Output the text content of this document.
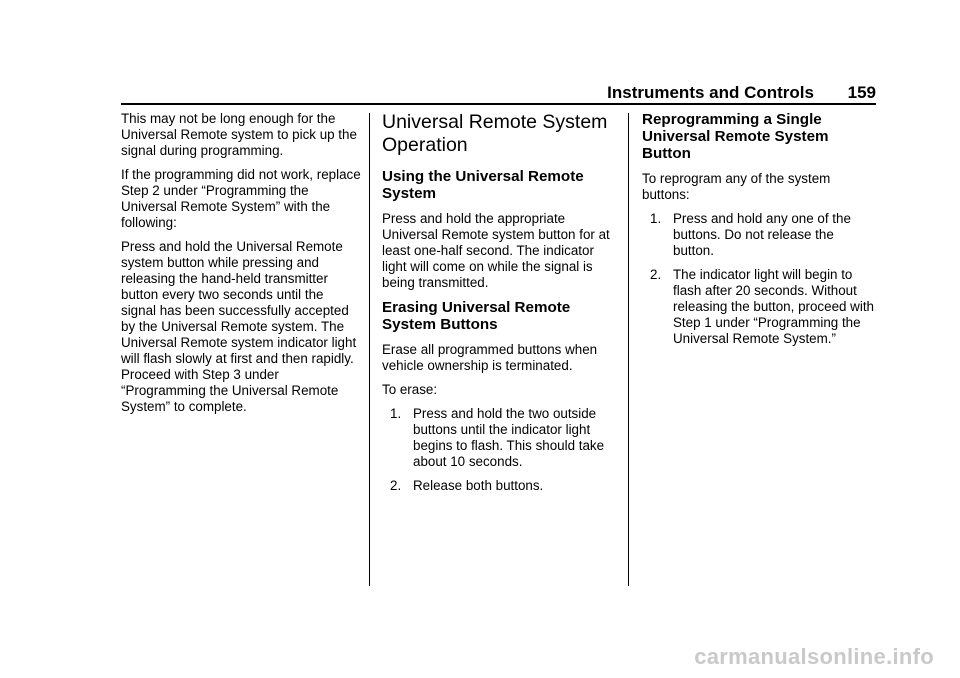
Instruments and Controls 159

This may not be long enough for the Universal Remote system to pick up the signal during programming.

If the programming did not work, replace Step 2 under “Programming the Universal Remote System” with the following:

Press and hold the Universal Remote system button while pressing and releasing the hand-held transmitter button every two seconds until the signal has been successfully accepted by the Universal Remote system. The Universal Remote system indicator light will flash slowly at first and then rapidly. Proceed with Step 3 under “Programming the Universal Remote System” to complete.

Universal Remote System Operation
Using the Universal Remote System

Press and hold the appropriate Universal Remote system button for at least one-half second. The indicator light will come on while the signal is being transmitted.

Erasing Universal Remote System Buttons

Erase all programmed buttons when vehicle ownership is terminated.

To erase:

1. Press and hold the two outside buttons until the indicator light begins to flash. This should take about 10 seconds.
2. Release both buttons.
Reprogramming a Single Universal Remote System Button

To reprogram any of the system buttons:

1. Press and hold any one of the buttons. Do not release the button.
2. The indicator light will begin to flash after 20 seconds. Without releasing the button, proceed with Step 1 under “Programming the Universal Remote System.”
carmanualsonline.info
